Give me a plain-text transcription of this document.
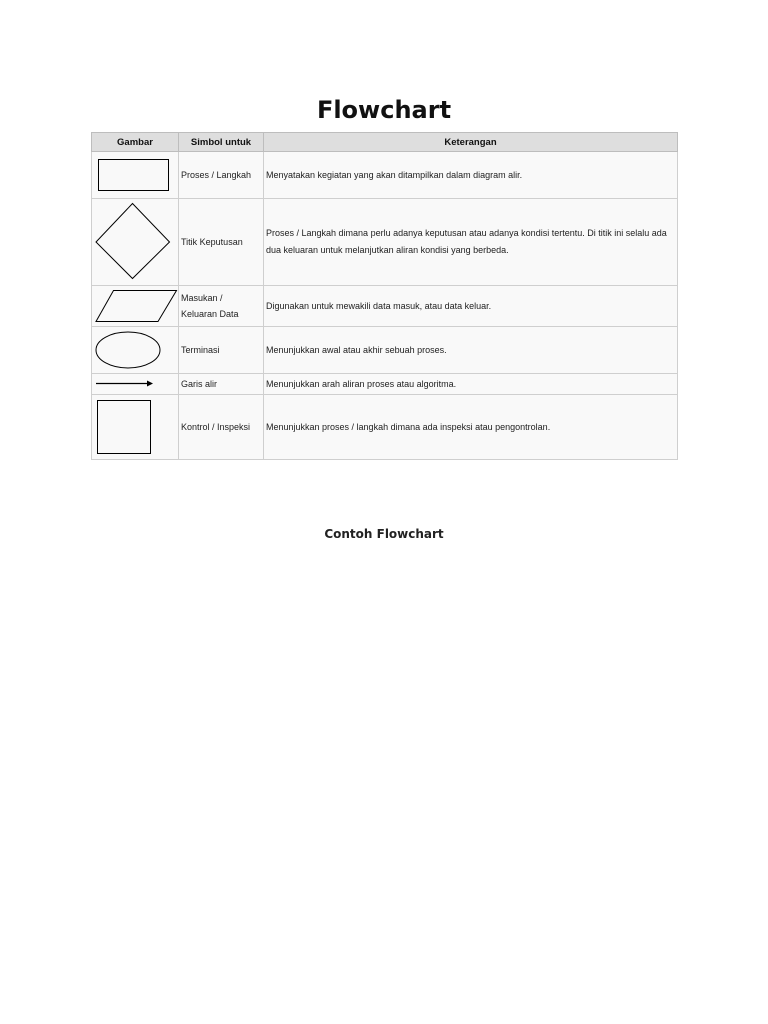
Flowchart
Gambar	Simbol untuk	Keterangan

	Proses / Langkah	Menyatakan kegiatan yang akan ditampilkan dalam diagram alir.

	Titik Keputusan	Proses / Langkah dimana perlu adanya keputusan atau adanya kondisi tertentu. Di titik ini selalu ada dua keluaran untuk melanjutkan aliran kondisi yang berbeda.

	Masukan / Keluaran Data	Digunakan untuk mewakili data masuk, atau data keluar.

	Terminasi	Menunjukkan awal atau akhir sebuah proses.

	Garis alir	Menunjukkan arah aliran proses atau algoritma.

	Kontrol / Inspeksi	Menunjukkan proses / langkah dimana ada inspeksi atau pengontrolan.
Contoh Flowchart
